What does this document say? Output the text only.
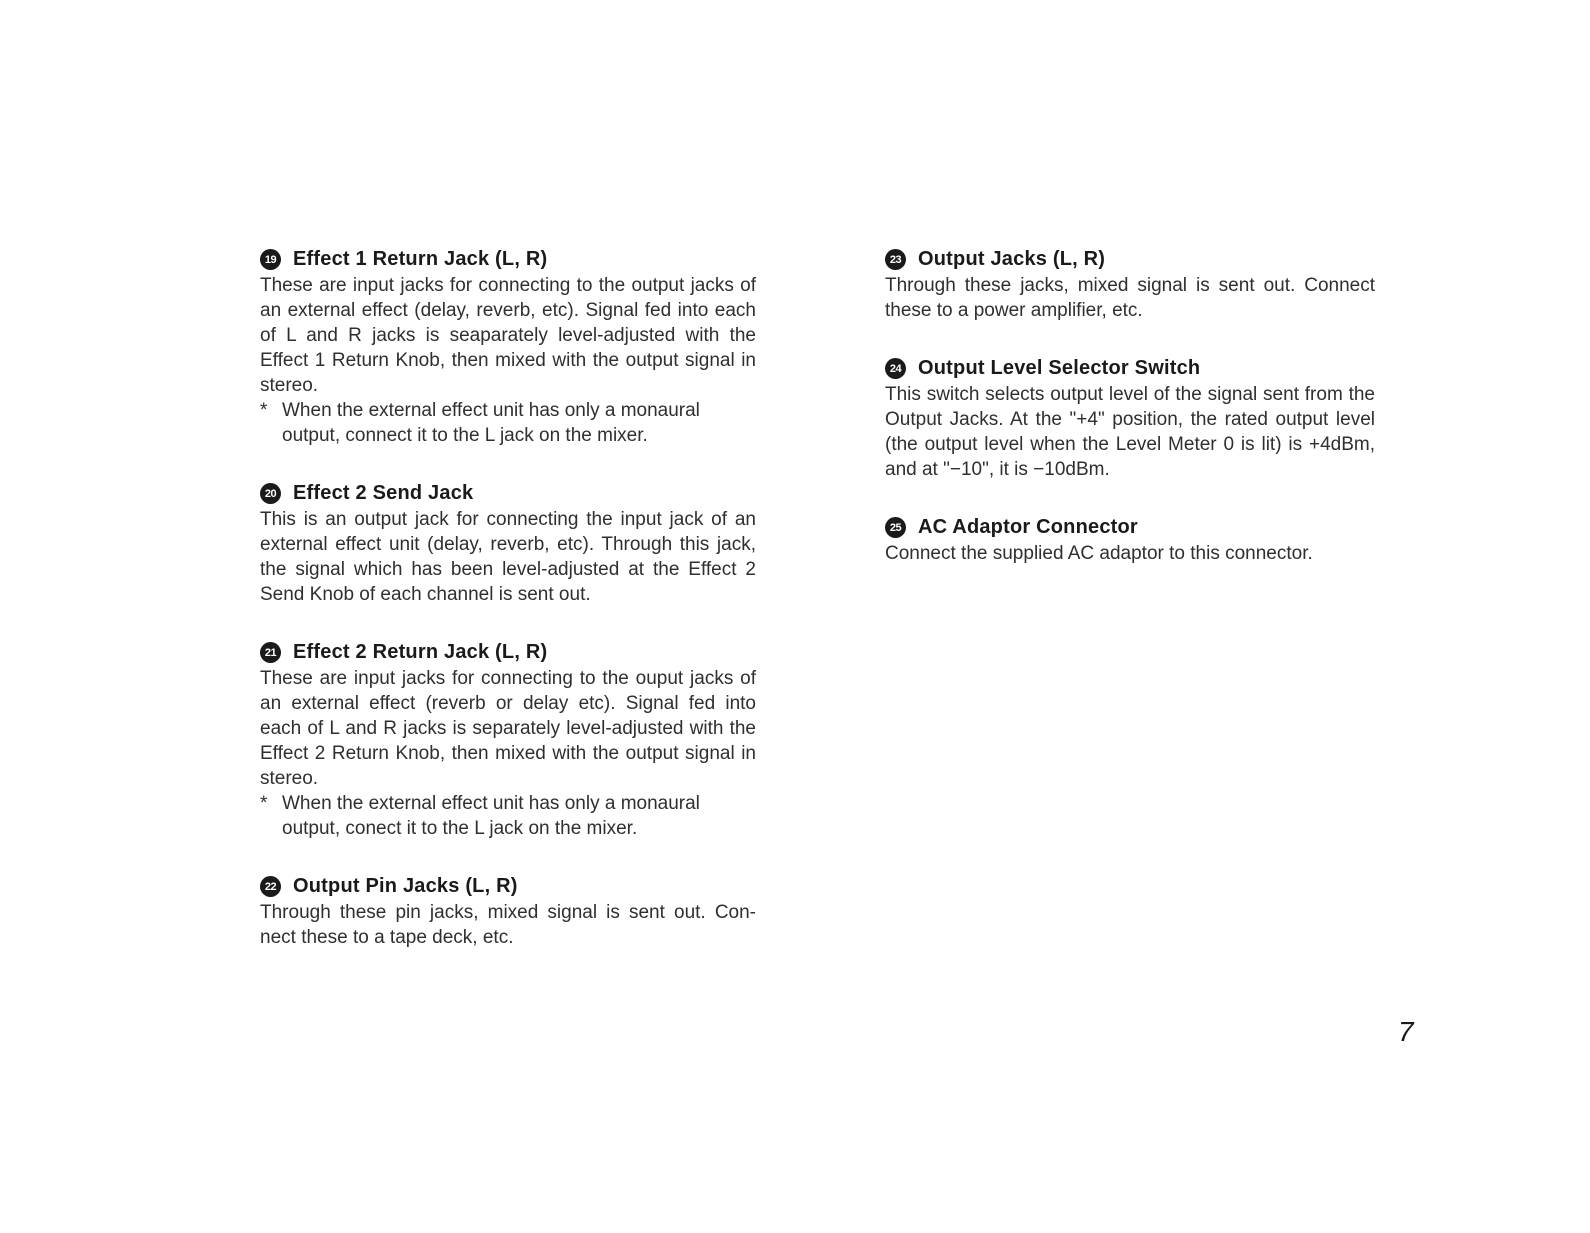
19 Effect 1 Return Jack (L, R)

These are input jacks for connecting to the output jacks of an external effect (delay, reverb, etc). Signal fed into each of L and R jacks is seaparately level-adjusted with the Effect 1 Return Knob, then mixed with the output signal in stereo.

* When the external effect unit has only a monaural output, connect it to the L jack on the mixer.
20 Effect 2 Send Jack

This is an output jack for connecting the input jack of an external effect unit (delay, reverb, etc). Through this jack, the signal which has been level-adjusted at the Effect 2 Send Knob of each channel is sent out.

21 Effect 2 Return Jack (L, R)

These are input jacks for connecting to the ouput jacks of an external effect (reverb or delay etc). Signal fed into each of L and R jacks is separately level-adjusted with the Effect 2 Return Knob, then mixed with the output signal in stereo.

* When the external effect unit has only a monaural output, conect it to the L jack on the mixer.
22 Output Pin Jacks (L, R)

Through these pin jacks, mixed signal is sent out. Con-nect these to a tape deck, etc.

23 Output Jacks (L, R)

Through these jacks, mixed signal is sent out. Connect these to a power amplifier, etc.

24 Output Level Selector Switch

This switch selects output level of the signal sent from the Output Jacks. At the "+4" position, the rated output level (the output level when the Level Meter 0 is lit) is +4dBm, and at "−10", it is −10dBm.

25 AC Adaptor Connector

Connect the supplied AC adaptor to this connector.

7
